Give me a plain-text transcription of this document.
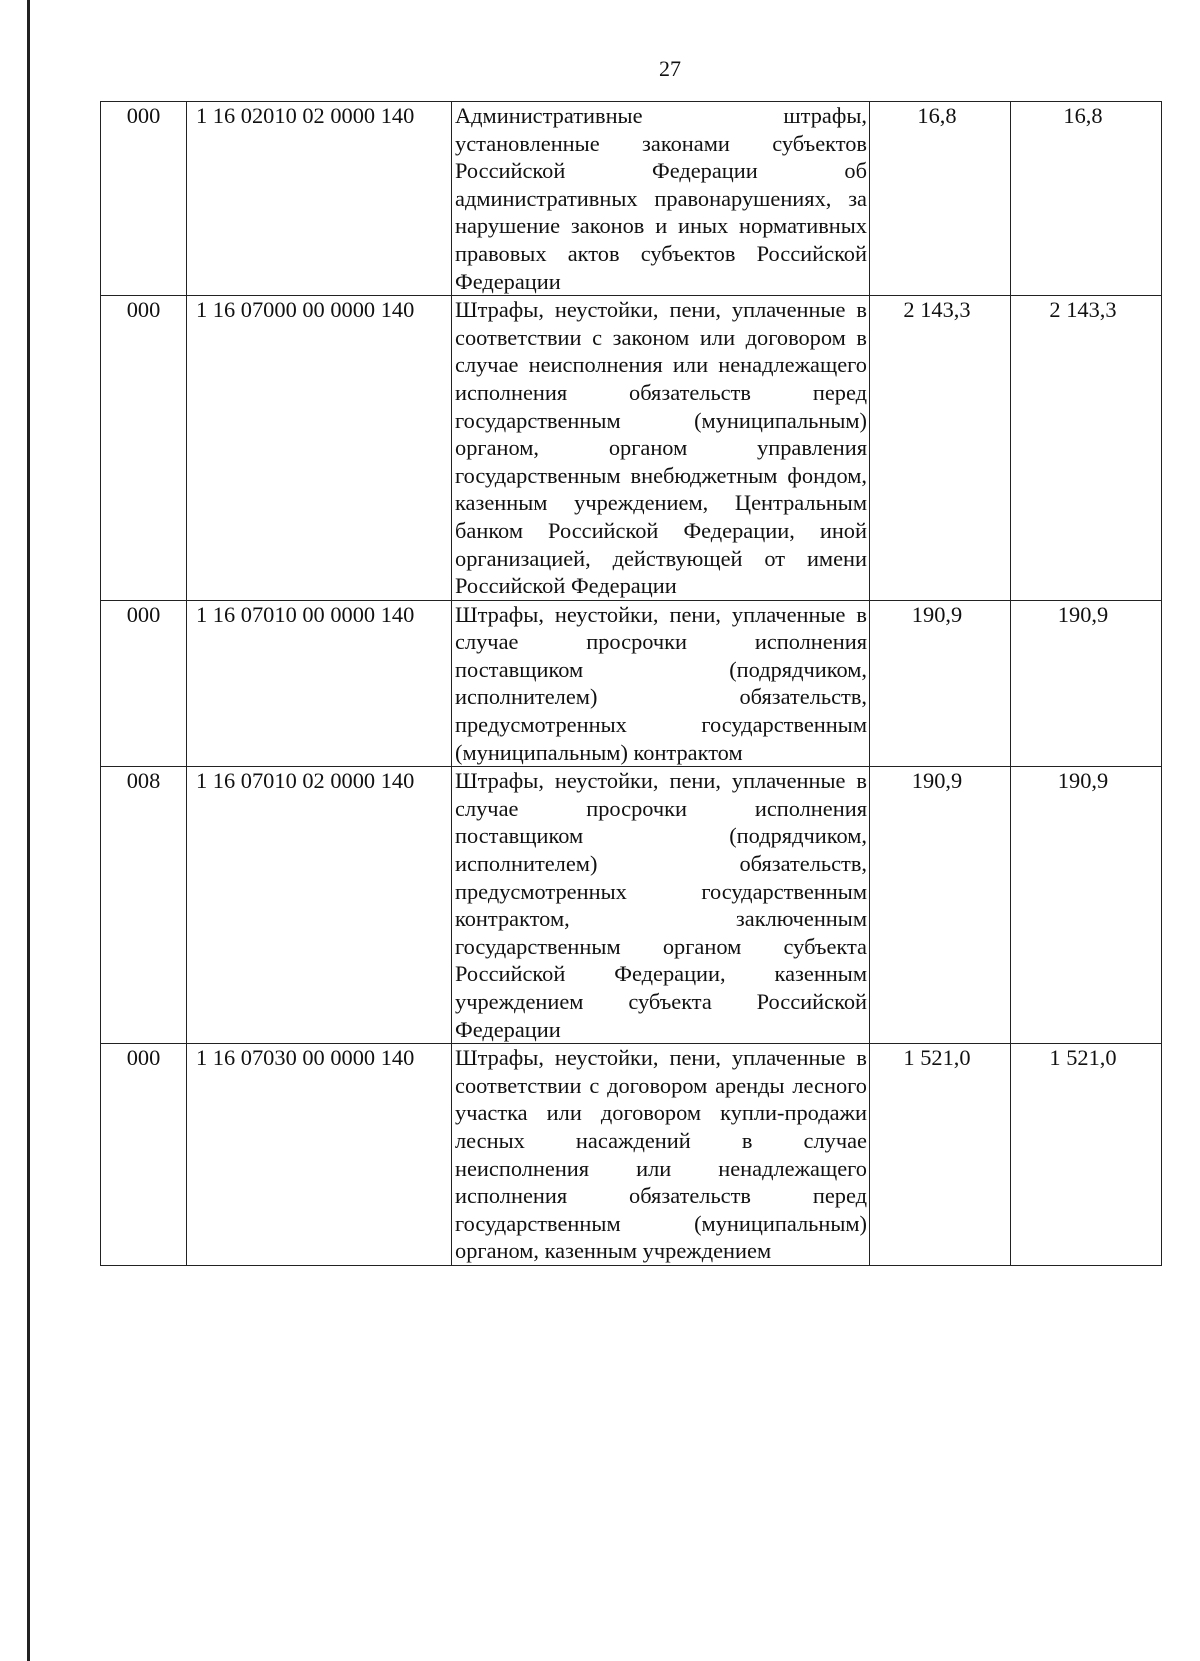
27
000	1 16 02010 02 0000 140	Административные штрафы, установленные законами субъектов Российской Федерации об административных правонарушениях, за нарушение законов и иных нормативных правовых актов субъектов Российской Федерации	16,8	16,8

000	1 16 07000 00 0000 140	Штрафы, неустойки, пени, уплаченные в соответствии с законом или договором в случае неисполнения или ненадлежащего исполнения обязательств перед государственным (муниципальным) органом, органом управления государственным внебюджетным фондом, казенным учреждением, Центральным банком Российской Федерации, иной организацией, действующей от имени Российской Федерации	2 143,3	2 143,3

000	1 16 07010 00 0000 140	Штрафы, неустойки, пени, уплаченные в случае просрочки исполнения поставщиком (подрядчиком, исполнителем) обязательств, предусмотренных государственным (муниципальным) контрактом	190,9	190,9

008	1 16 07010 02 0000 140	Штрафы, неустойки, пени, уплаченные в случае просрочки исполнения поставщиком (подрядчиком, исполнителем) обязательств, предусмотренных государственным контрактом, заключенным государственным органом субъекта Российской Федерации, казенным учреждением субъекта Российской Федерации	190,9	190,9

000	1 16 07030 00 0000 140	Штрафы, неустойки, пени, уплаченные в соответствии с договором аренды лесного участка или договором купли-продажи лесных насаждений в случае неисполнения или ненадлежащего исполнения обязательств перед государственным (муниципальным) органом, казенным учреждением	1 521,0	1 521,0
